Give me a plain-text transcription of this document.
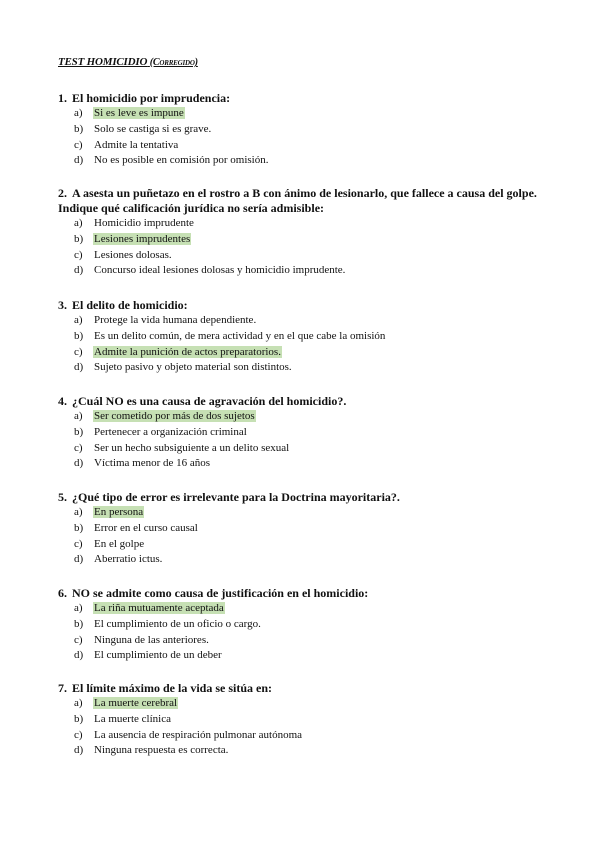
TEST HOMICIDIO (Corregido)
1. El homicidio por imprudencia:
a) Si es leve es impune
b) Solo se castiga si es grave.
c) Admite la tentativa
d) No es posible en comisión por omisión.
2. A asesta un puñetazo en el rostro a B con ánimo de lesionarlo, que fallece a causa del golpe. Indique qué calificación jurídica no sería admisible:
a) Homicidio imprudente
b) Lesiones imprudentes
c) Lesiones dolosas.
d) Concurso ideal lesiones dolosas y homicidio imprudente.
3. El delito de homicidio:
a) Protege la vida humana dependiente.
b) Es un delito común, de mera actividad y en el que cabe la omisión
c) Admite la punición de actos preparatorios.
d) Sujeto pasivo y objeto material son distintos.
4. ¿Cuál NO es una causa de agravación del homicidio?.
a) Ser cometido por más de dos sujetos
b) Pertenecer a organización criminal
c) Ser un hecho subsiguiente a un delito sexual
d) Víctima menor de 16 años
5. ¿Qué tipo de error es irrelevante para la Doctrina mayoritaria?.
a) En persona
b) Error en el curso causal
c) En el golpe
d) Aberratio ictus.
6. NO se admite como causa de justificación en el homicidio:
a) La riña mutuamente aceptada
b) El cumplimiento de un oficio o cargo.
c) Ninguna de las anteriores.
d) El cumplimiento de un deber
7. El límite máximo de la vida se sitúa en:
a) La muerte cerebral
b) La muerte clínica
c) La ausencia de respiración pulmonar autónoma
d) Ninguna respuesta es correcta.
